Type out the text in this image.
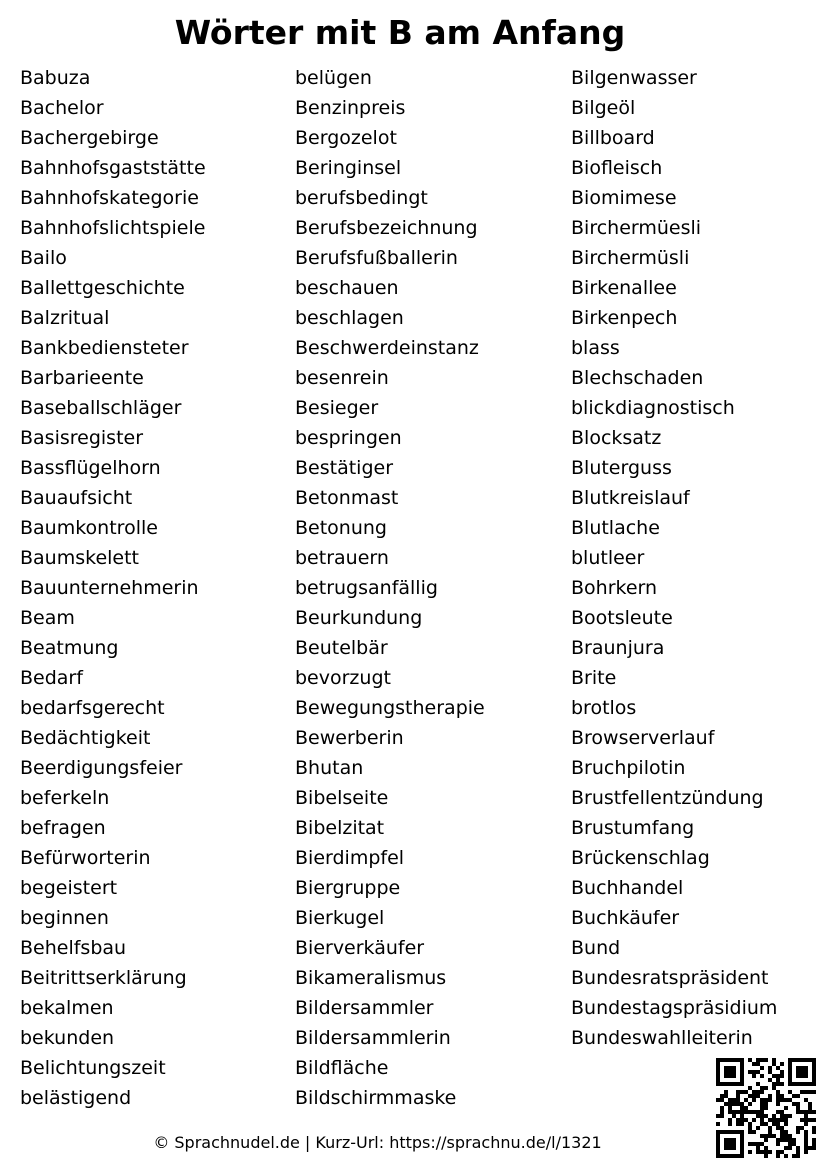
Wörter mit B am Anfang
Babuza
Bachelor
Bachergebirge
Bahnhofsgaststätte
Bahnhofskategorie
Bahnhofslichtspiele
Bailo
Ballettgeschichte
Balzritual
Bankbediensteter
Barbarieente
Baseballschläger
Basisregister
Bassflügelhorn
Bauaufsicht
Baumkontrolle
Baumskelett
Bauunternehmerin
Beam
Beatmung
Bedarf
bedarfsgerecht
Bedächtigkeit
Beerdigungsfeier
beferkeln
befragen
Befürworterin
begeistert
beginnen
Behelfsbau
Beitrittserklärung
bekalmen
bekunden
Belichtungszeit
belästigend
belügen
Benzinpreis
Bergozelot
Beringinsel
berufsbedingt
Berufsbezeichnung
Berufsfußballerin
beschauen
beschlagen
Beschwerdeinstanz
besenrein
Besieger
bespringen
Bestätiger
Betonmast
Betonung
betrauern
betrugsanfällig
Beurkundung
Beutelbär
bevorzugt
Bewegungstherapie
Bewerberin
Bhutan
Bibelseite
Bibelzitat
Bierdimpfel
Biergruppe
Bierkugel
Bierverkäufer
Bikameralismus
Bildersammler
Bildersammlerin
Bildfläche
Bildschirmmaske
Bilgenwasser
Bilgeöl
Billboard
Biofleisch
Biomimese
Birchermüesli
Birchermüsli
Birkenallee
Birkenpech
blass
Blechschaden
blickdiagnostisch
Blocksatz
Bluterguss
Blutkreislauf
Blutlache
blutleer
Bohrkern
Bootsleute
Braunjura
Brite
brotlos
Browserverlauf
Bruchpilotin
Brustfellentzündung
Brustumfang
Brückenschlag
Buchhandel
Buchkäufer
Bund
Bundesratspräsident
Bundestagspräsidium
Bundeswahlleiterin
© Sprachnudel.de | Kurz-Url: https://sprachnu.de/l/1321
